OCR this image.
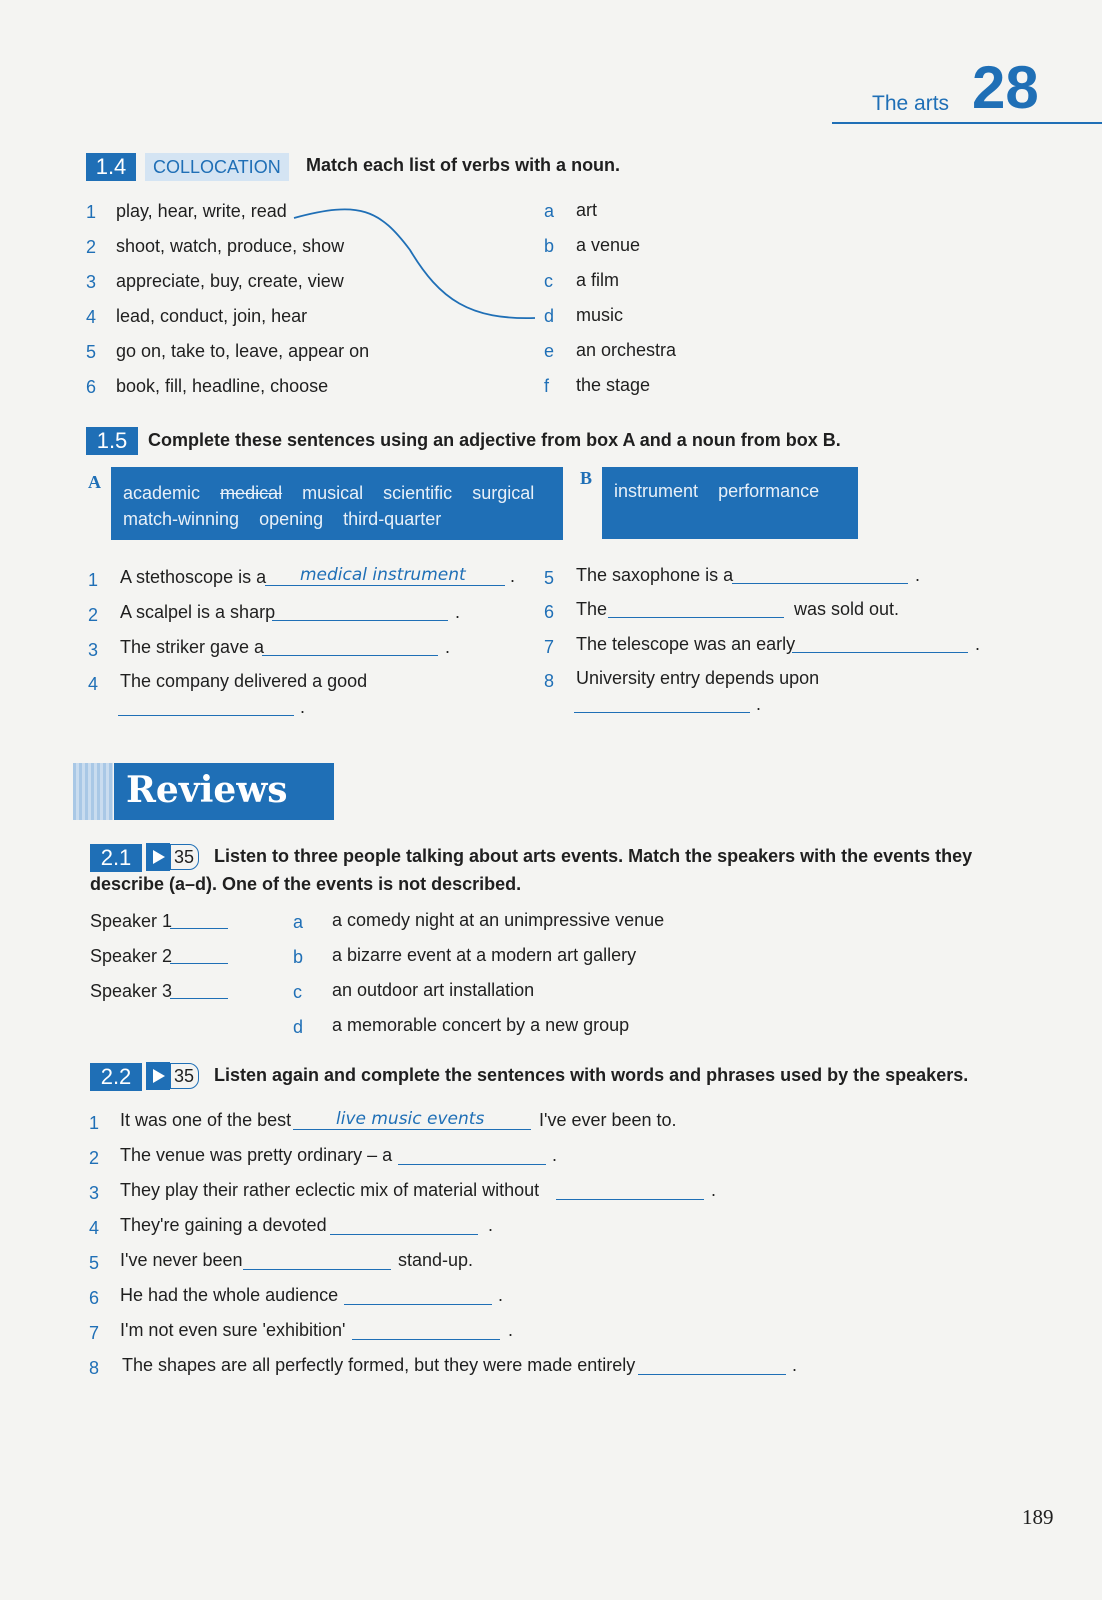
The arts 28
1.4	COLLOCATION	Match each list of verbs with a noun.
1 play, hear, write, read
2 shoot, watch, produce, show
3 appreciate, buy, create, view
4 lead, conduct, join, hear
5 go on, take to, leave, appear on
6 book, fill, headline, choose
a art
b a venue
c a film
d music
e an orchestra
f the stage
1.5	Complete these sentences using an adjective from box A and a noun from box B.
A
academic medical musical scientific surgical
match-winning opening third-quarter
B
instrument performance
1 A stethoscope is a medical instrument .
2 A scalpel is a sharp	.
3 The striker gave a	.
4 The company delivered a good
.
5 The saxophone is a	.
6 The	was sold out.
7 The telescope was an early	.
8 University entry depends upon
.
Reviews
2.1	35 Listen to three people talking about arts events. Match the speakers with the events they
describe (a–d). One of the events is not described.
Speaker 1
Speaker 2
Speaker 3
a a comedy night at an unimpressive venue
b a bizarre event at a modern art gallery
c an outdoor art installation
d a memorable concert by a new group
2.2	35 Listen again and complete the sentences with words and phrases used by the speakers.
1 It was one of the best	live music events	I've ever been to.
2 The venue was pretty ordinary – a	.
3 They play their rather eclectic mix of material without	.
4 They're gaining a devoted	.
5 I've never been	stand-up.
6 He had the whole audience	.
7 I'm not even sure 'exhibition'	.
8 The shapes are all perfectly formed, but they were made entirely	.
189
